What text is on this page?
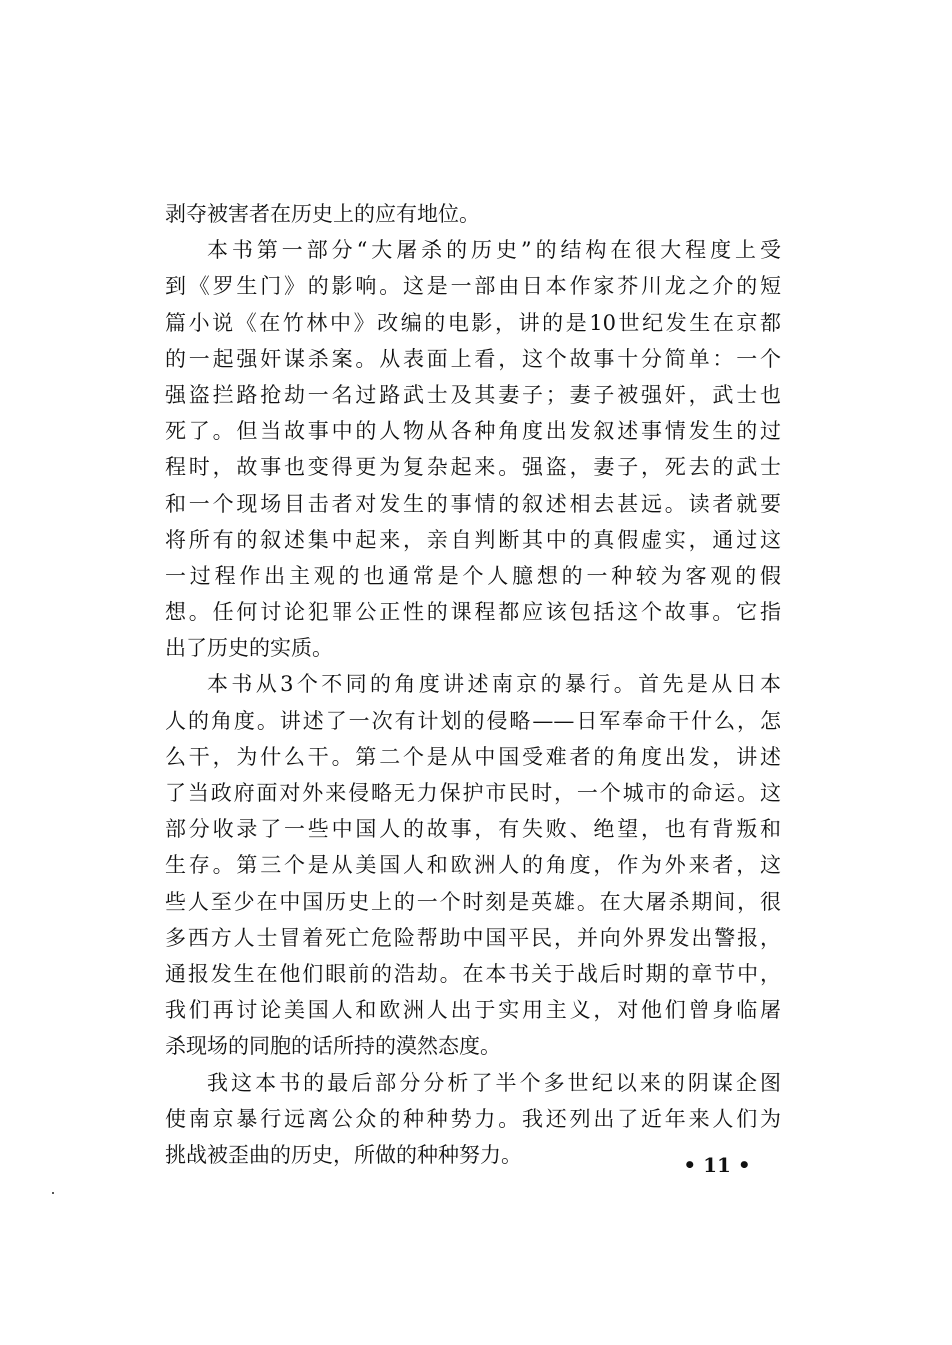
剥夺被害者在历史上的应有地位。
本书第一部分“大屠杀的历史”的结构在很大程度上受
到《罗生门》的影响。这是一部由日本作家芥川龙之介的短
篇小说《在竹林中》改编的电影，讲的是10世纪发生在京都
的一起强奸谋杀案。从表面上看，这个故事十分简单：一个
强盗拦路抢劫一名过路武士及其妻子；妻子被强奸，武士也
死了。但当故事中的人物从各种角度出发叙述事情发生的过
程时，故事也变得更为复杂起来。强盗，妻子，死去的武士
和一个现场目击者对发生的事情的叙述相去甚远。读者就要
将所有的叙述集中起来，亲自判断其中的真假虚实，通过这
一过程作出主观的也通常是个人臆想的一种较为客观的假
想。任何讨论犯罪公正性的课程都应该包括这个故事。它指
出了历史的实质。
本书从3个不同的角度讲述南京的暴行。首先是从日本
人的角度。讲述了一次有计划的侵略——日军奉命干什么，怎
么干，为什么干。第二个是从中国受难者的角度出发，讲述
了当政府面对外来侵略无力保护市民时，一个城市的命运。这
部分收录了一些中国人的故事，有失败、绝望，也有背叛和
生存。第三个是从美国人和欧洲人的角度，作为外来者，这
些人至少在中国历史上的一个时刻是英雄。在大屠杀期间，很
多西方人士冒着死亡危险帮助中国平民，并向外界发出警报，
通报发生在他们眼前的浩劫。在本书关于战后时期的章节中，
我们再讨论美国人和欧洲人出于实用主义，对他们曾身临屠
杀现场的同胞的话所持的漠然态度。
我这本书的最后部分分析了半个多世纪以来的阴谋企图
使南京暴行远离公众的种种势力。我还列出了近年来人们为
挑战被歪曲的历史，所做的种种努力。	• 11 •
